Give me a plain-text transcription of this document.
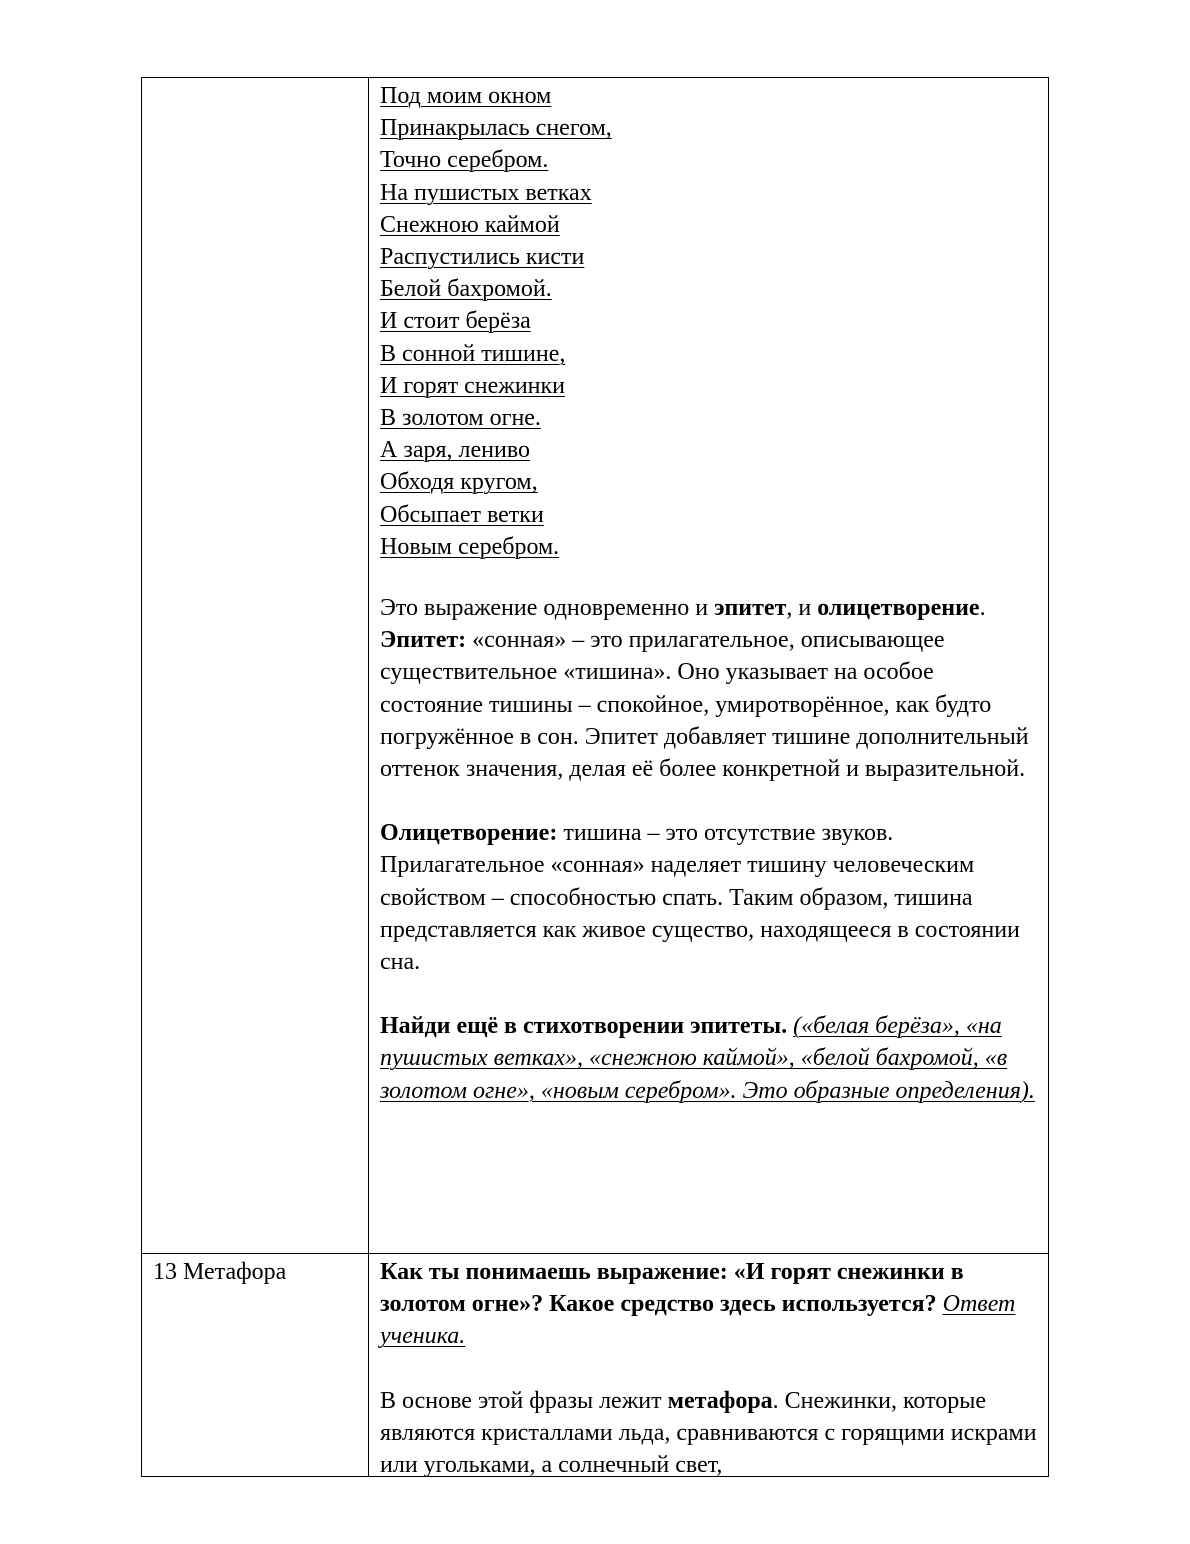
Под моим окном
Принакрылась снегом,
Точно серебром.
На пушистых ветках
Снежною каймой
Распустились кисти
Белой бахромой.
И стоит берёза
В сонной тишине,
И горят снежинки
В золотом огне.
А заря, лениво
Обходя кругом,
Обсыпает ветки
Новым серебром.

Это выражение одновременно и эпитет, и олицетворение.

Эпитет: «сонная» – это прилагательное, описывающее существительное «тишина». Оно указывает на особое состояние тишины – спокойное, умиротворённое, как будто погружённое в сон. Эпитет добавляет тишине дополнительный оттенок значения, делая её более конкретной и выразительной.

Олицетворение: тишина – это отсутствие звуков. Прилагательное «сонная» наделяет тишину человеческим свойством – способностью спать. Таким образом, тишина представляется как живое существо, находящееся в состоянии сна.

Найди ещё в стихотворении эпитеты. («белая берёза», «на пушистых ветках», «снежною каймой», «белой бахромой, «в золотом огне», «новым серебром». Это образные определения).

13 Метафора	Как ты понимаешь выражение: «И горят снежинки в золотом огне»? Какое средство здесь используется? Ответ ученика.

В основе этой фразы лежит метафора. Снежинки, которые являются кристаллами льда, сравниваются с горящими искрами или угольками, а солнечный свет,
